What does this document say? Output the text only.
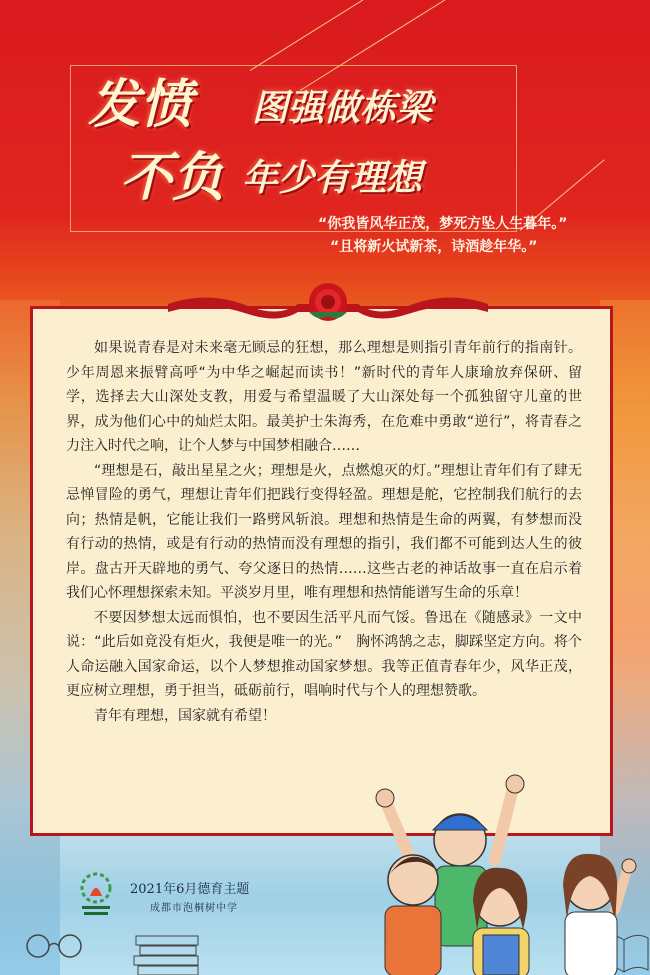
发愤 图强做栋梁
不负 年少有理想
“你我皆风华正茂，梦死方坠人生暮年。”
“且将新火试新茶，诗酒趁年华。”

如果说青春是对未来毫无顾忌的狂想，那么理想是则指引青年前行的指南针。少年周恩来振臂高呼“为中华之崛起而读书！”新时代的青年人康瑜放弃保研、留学，选择去大山深处支教，用爱与希望温暖了大山深处每一个孤独留守儿童的世界，成为他们心中的灿烂太阳。最美护士朱海秀，在危难中勇敢“逆行”，将青春之力注入时代之响，让个人梦与中国梦相融合……

“理想是石，敲出星星之火；理想是火，点燃熄灭的灯。”理想让青年们有了肆无忌惮冒险的勇气，理想让青年们把践行变得轻盈。理想是舵，它控制我们航行的去向；热情是帆，它能让我们一路劈风斩浪。理想和热情是生命的两翼，有梦想而没有行动的热情，或是有行动的热情而没有理想的指引，我们都不可能到达人生的彼岸。盘古开天辟地的勇气、夸父逐日的热情……这些古老的神话故事一直在启示着我们心怀理想探索未知。平淡岁月里，唯有理想和热情能谱写生命的乐章！

不要因梦想太远而惧怕，也不要因生活平凡而气馁。鲁迅在《随感录》一文中说：“此后如竟没有炬火，我便是唯一的光。”　胸怀鸿鹄之志，脚踩坚定方向。将个人命运融入国家命运，以个人梦想推动国家梦想。我等正值青春年少，风华正茂，更应树立理想，勇于担当，砥砺前行，唱响时代与个人的理想赞歌。

青年有理想，国家就有希望！

2021年6月德育主题
成都市泡桐树中学
